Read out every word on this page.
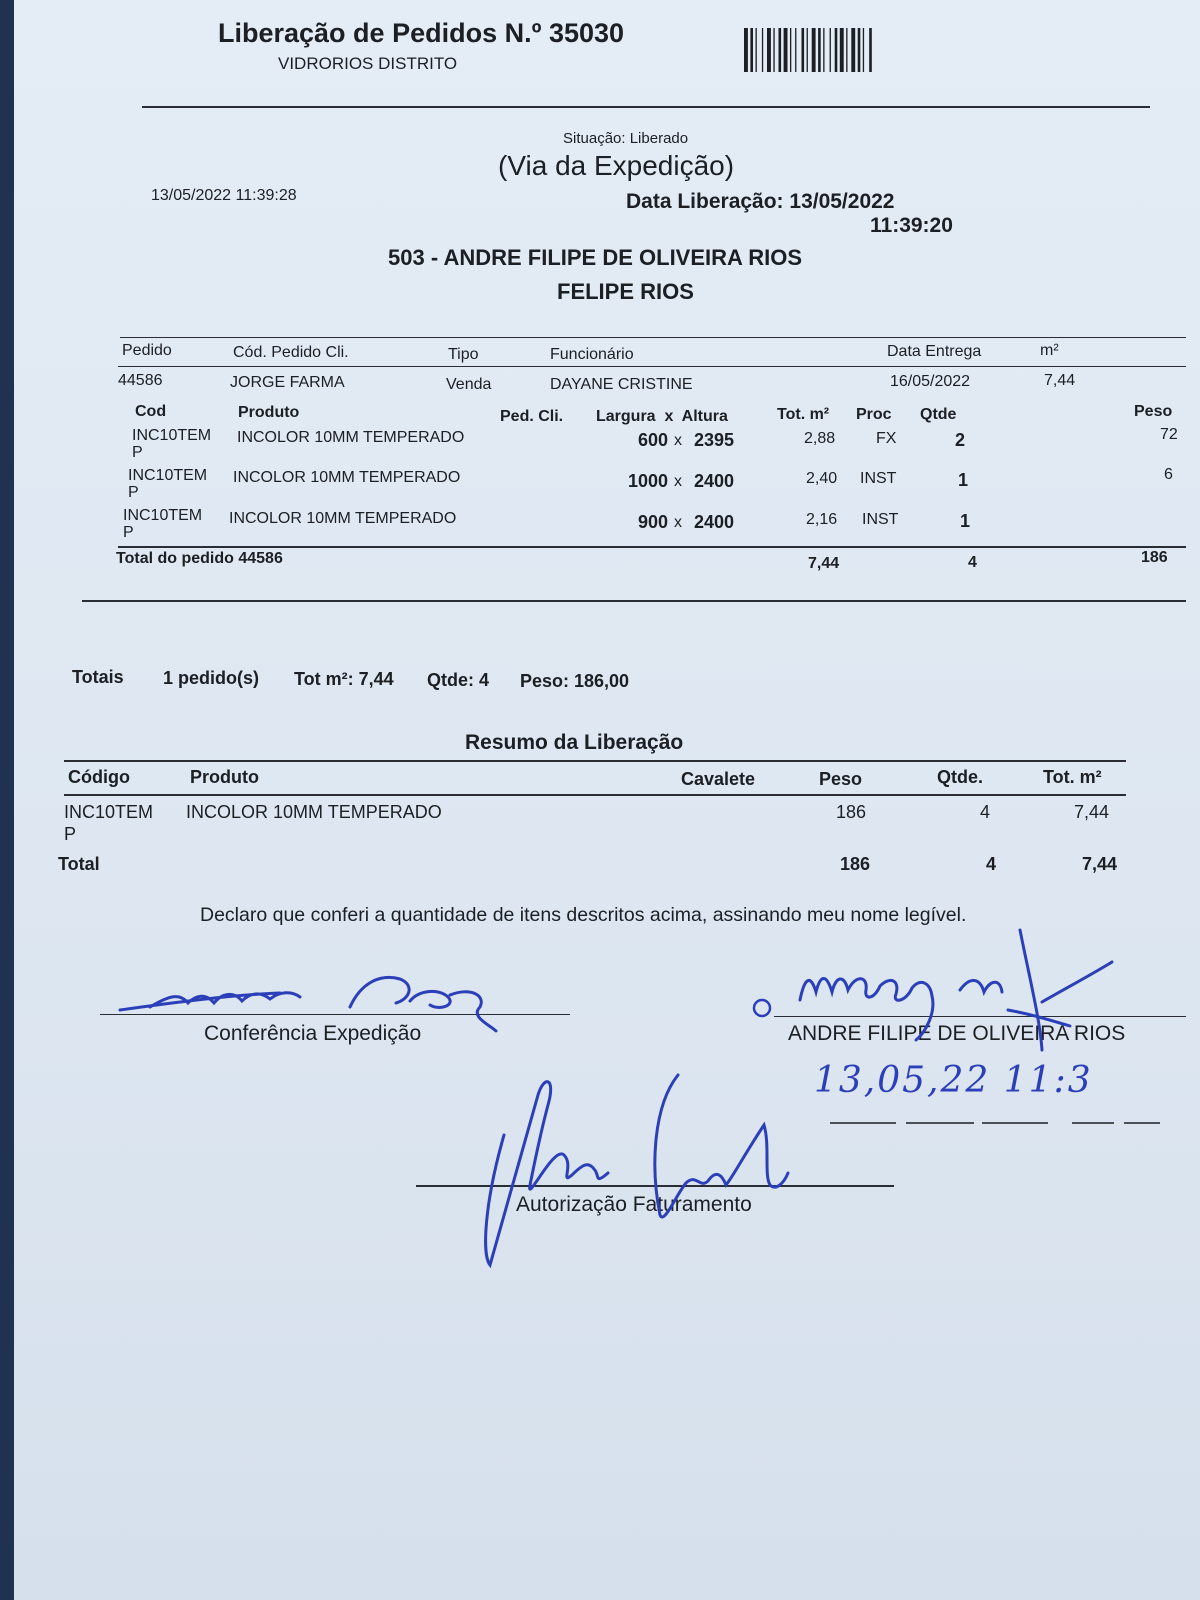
Liberação de Pedidos N.º 35030
VIDRORIOS DISTRITO
Situação: Liberado
(Via da Expedição)
13/05/2022 11:39:28	Data Liberação: 13/05/2022
11:39:20
503 - ANDRE FILIPE DE OLIVEIRA RIOS
FELIPE RIOS
Pedido	Cód. Pedido Cli.	Tipo	Funcionário	Data Entrega	m²
44586	JORGE FARMA	Venda	DAYANE CRISTINE	16/05/2022	7,44
Cod	Produto	Ped. Cli. Largura  x  Altura	Tot. m² Proc Qtde	Peso
INC10TEM
P
INCOLOR 10MM TEMPERADO	600 x 2395	2,88	FX	2	72
INC10TEM
P
INCOLOR 10MM TEMPERADO	1000 x 2400	2,40 INST	1	6
INC10TEM
P
INCOLOR 10MM TEMPERADO	900 x 2400	2,16 INST	1
Total do pedido 44586	7,44	4	186
Totais 1 pedido(s) Tot m²: 7,44 Qtde: 4 Peso: 186,00
Resumo da Liberação
Código	Produto	Cavalete	Peso	Qtde.	Tot. m²
INC10TEM
P
INCOLOR 10MM TEMPERADO	186	4	7,44
Total	186	4	7,44
Declaro que conferi a quantidade de itens descritos acima, assinando meu nome legível.
Conferência Expedição	ANDRE FILIPE DE OLIVEIRA RIOS
Autorização Faturamento
13,05,22 11:3
